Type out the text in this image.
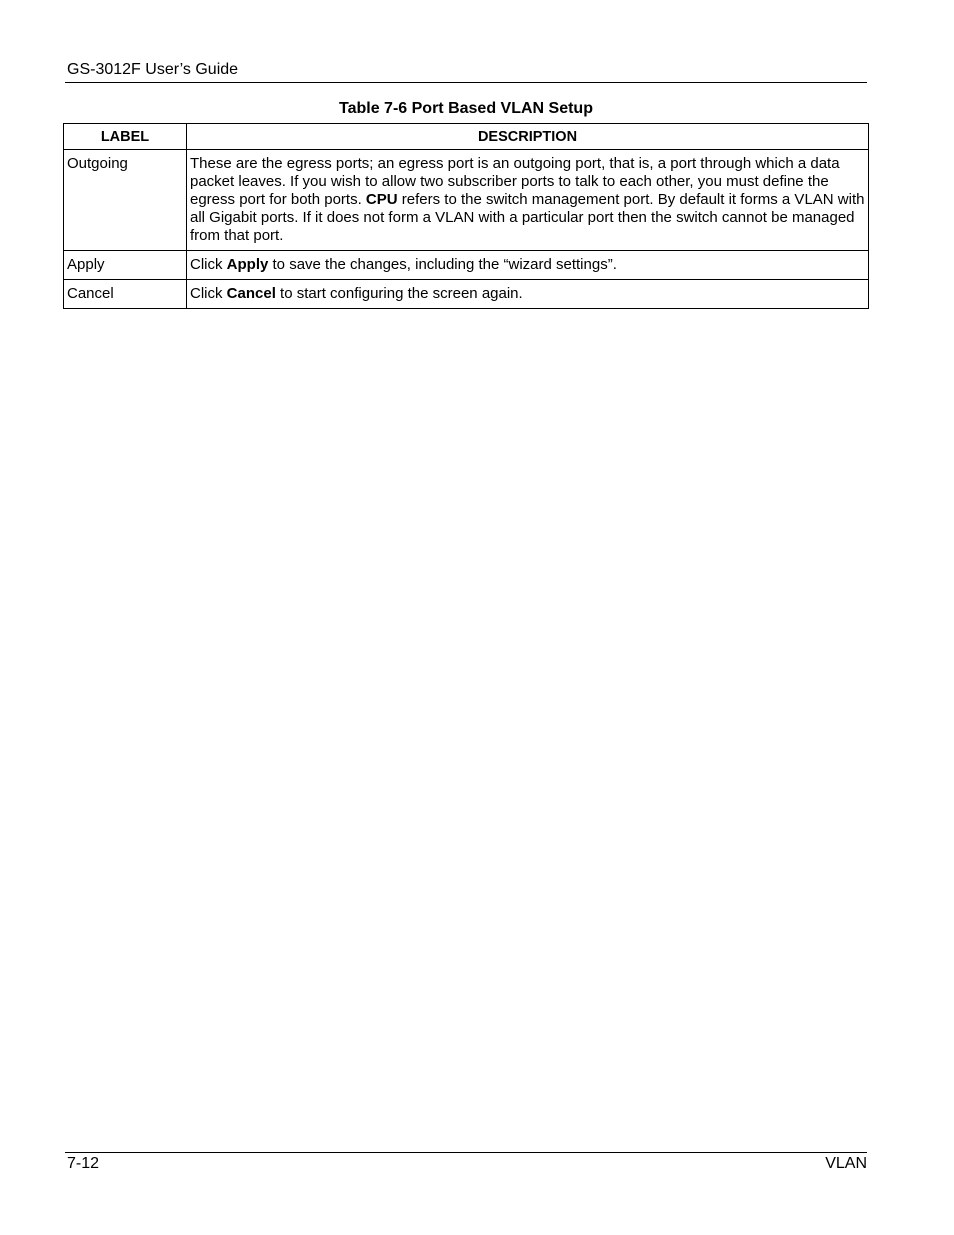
GS-3012F User’s Guide
Table 7-6 Port Based VLAN Setup
LABEL	DESCRIPTION
Outgoing	These are the egress ports; an egress port is an outgoing port, that is, a port through which a data packet leaves. If you wish to allow two subscriber ports to talk to each other, you must define the egress port for both ports. CPU refers to the switch management port. By default it forms a VLAN with all Gigabit ports. If it does not form a VLAN with a particular port then the switch cannot be managed from that port.
Apply	Click Apply to save the changes, including the “wizard settings”.
Cancel	Click Cancel to start configuring the screen again.
7-12	VLAN
